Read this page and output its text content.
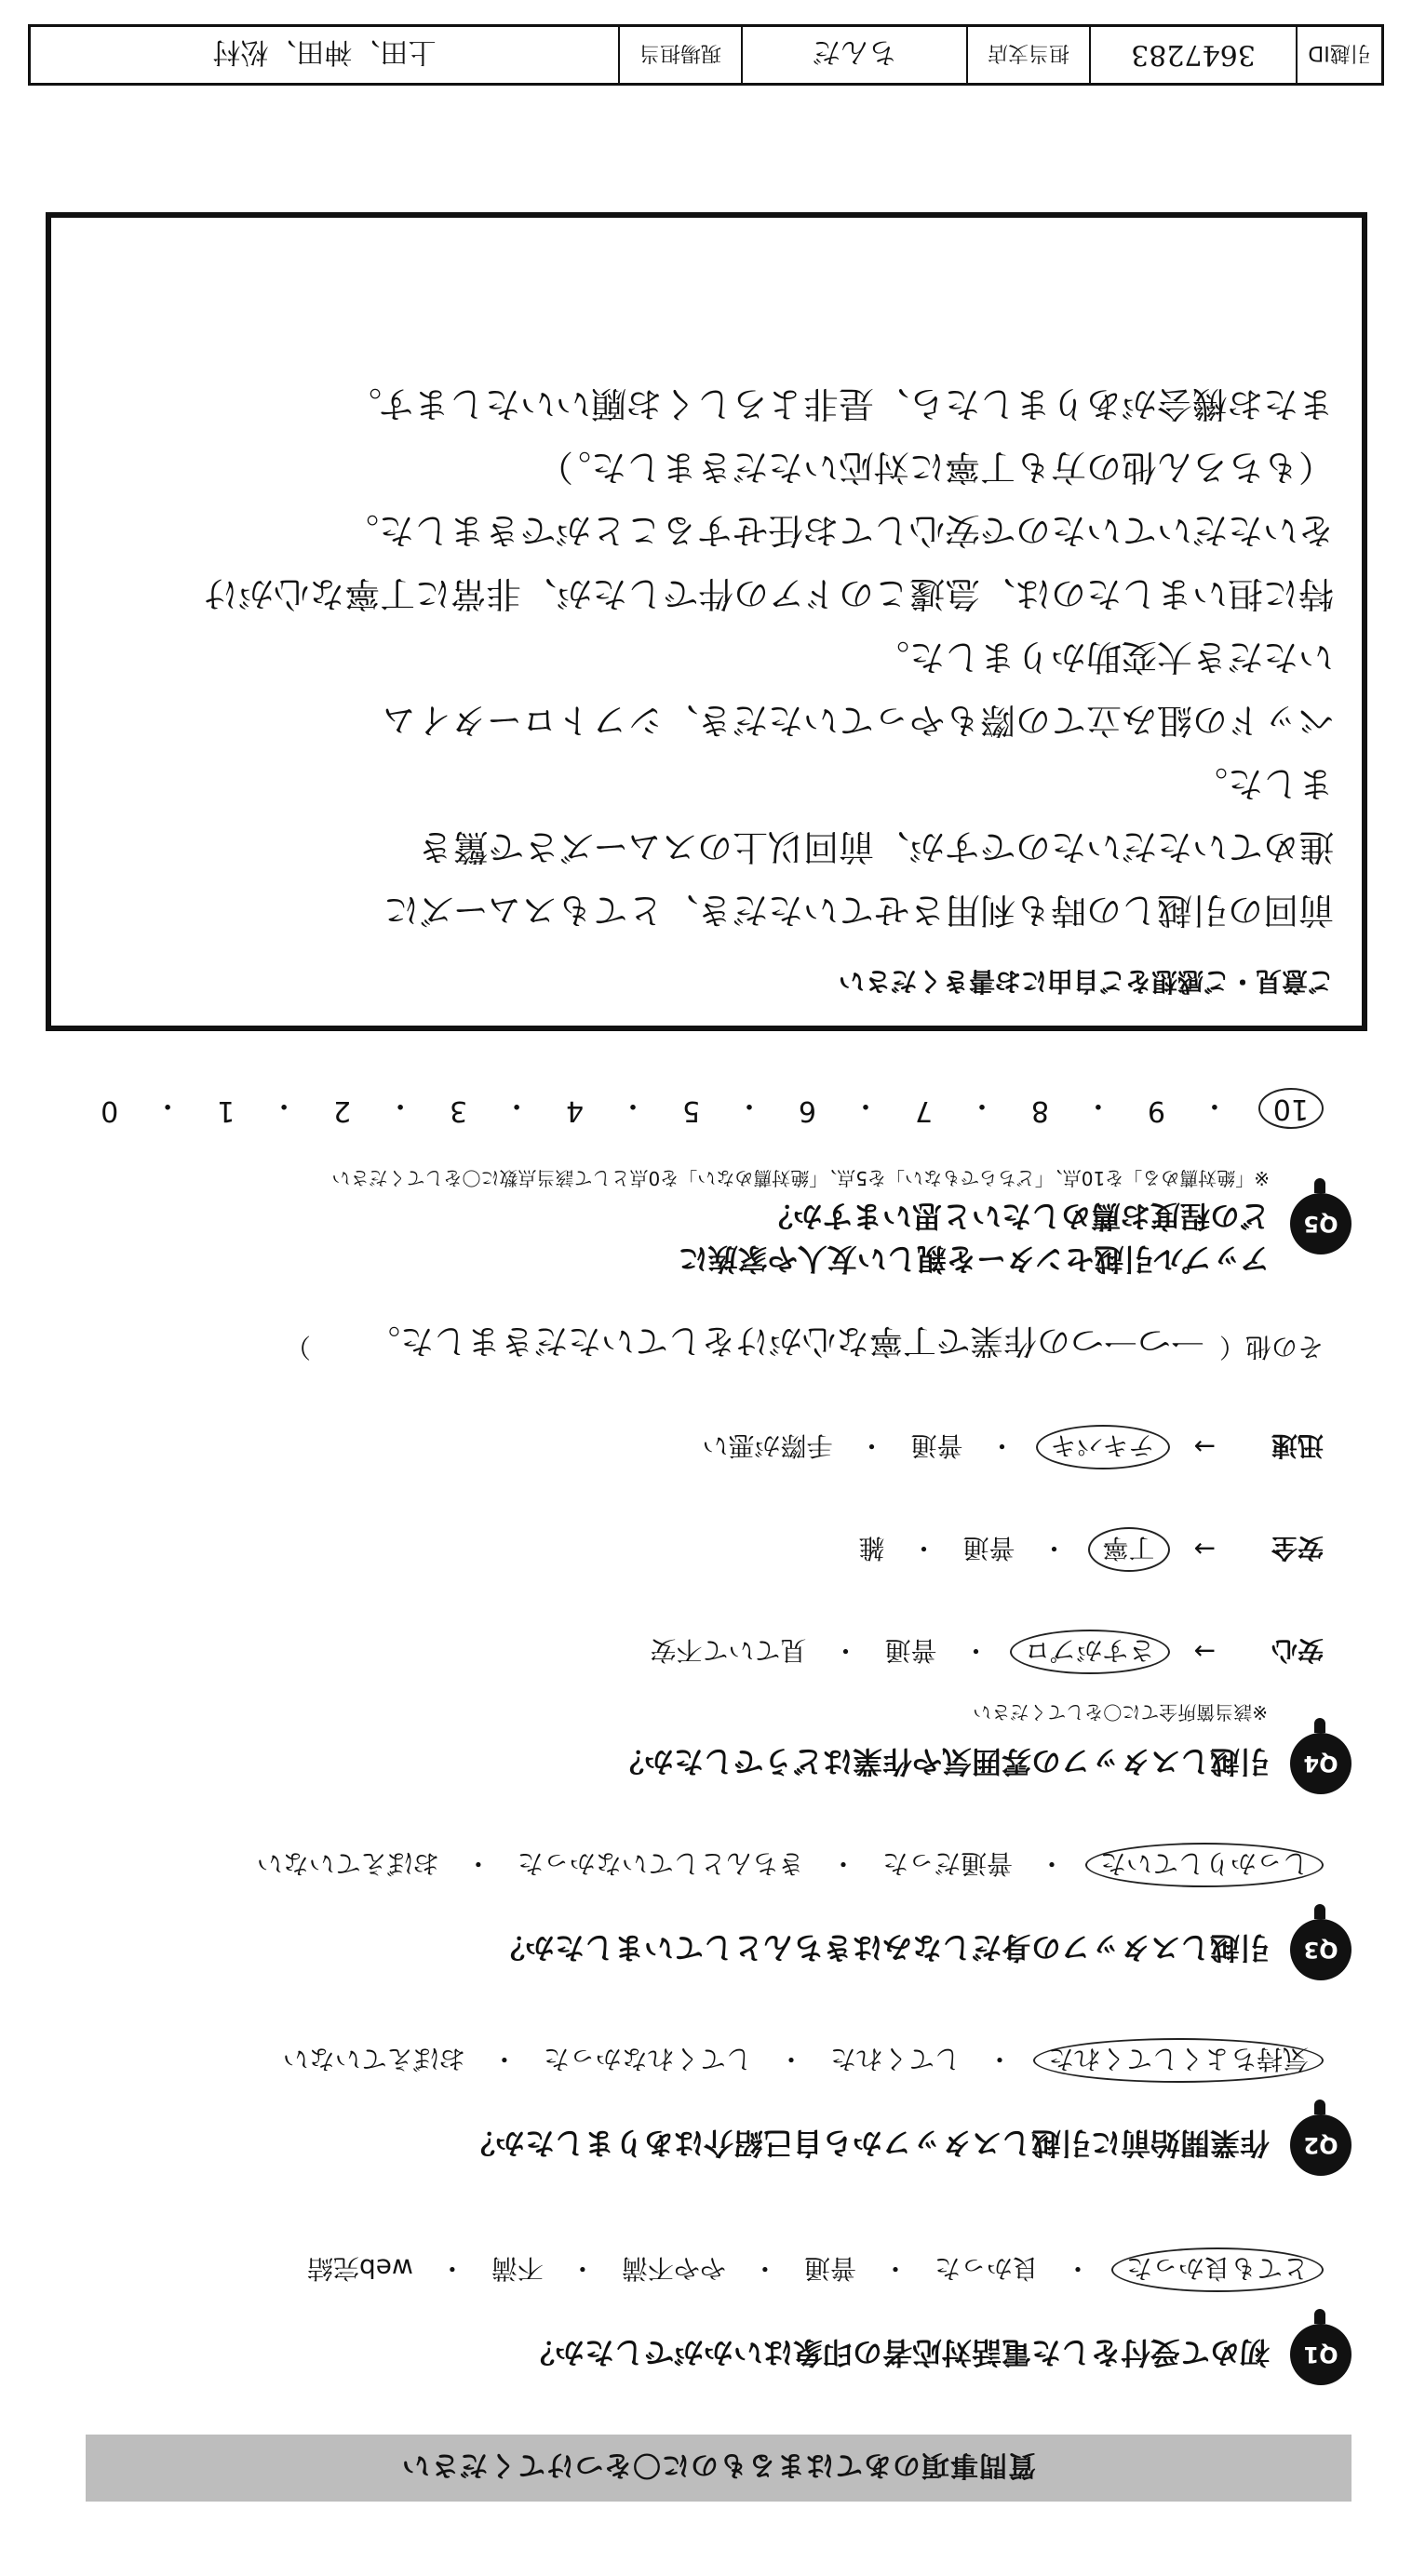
質問事項のあてはまるものに〇をつけてください
Q1
初めて受付をした電話対応者の印象はいかがでしたか？
とても良かった
・
良かった
・
普通
・
やや不満
・
不満
・
web完結
Q2
作業開始前に引越しスタッフから自己紹介はありましたか？
気持ちよくしてくれた
・
してくれた
・
してくれなかった
・
おぼえていない
Q3
引越しスタッフの身だしなみはきちんとしていましたか？
しっかりしていた
・
普通だった
・
きちんとしていなかった
・
おぼえていない
Q4
引越しスタッフの雰囲気や作業はどうでしたか？
※該当箇所全てに〇をしてください
安心
→
さすがプロ
・
普通
・
見ていて不安
安全
→
丁寧
・
普通
・
雑
迅速
→
テキパキ
・
普通
・
手際が悪い
その他（
一つ一つの作業で丁寧な心がけをしていただきました。
）
Q5
アップル引越センターを親しい友人や家族に
どの程度お薦めしたいと思いますか？
※「絶対薦める」を10点、「どちらでもない」を5点、「絶対薦めない」を0点として該当点数に〇をしてください
10
・
9
・
8
・
7
・
6
・
5
・
4
・
3
・
2
・
1
・
0
ご意見・ご感想をご自由にお書きください
前回の引越しの時も利用させていただき、とてもスムーズに
進めていただいたのですが、前回以上のスムーズさで驚き
ました。
ベッドの組み立ての際もやっていただき、シフトロータイム
いただき大変助かりました。
特に担いましたのは、急遽このドアの件でしたが、非常に丁寧な心がけ
をいただいていたので安心してお任せすることができました。
（もちろん他の方も丁寧に対応いただきました。）
またお機会がありましたら、是非よろしくお願いいたします。
引越ID
3647283
担当支店
ちんだ
現場担当
上田、神田、松村
